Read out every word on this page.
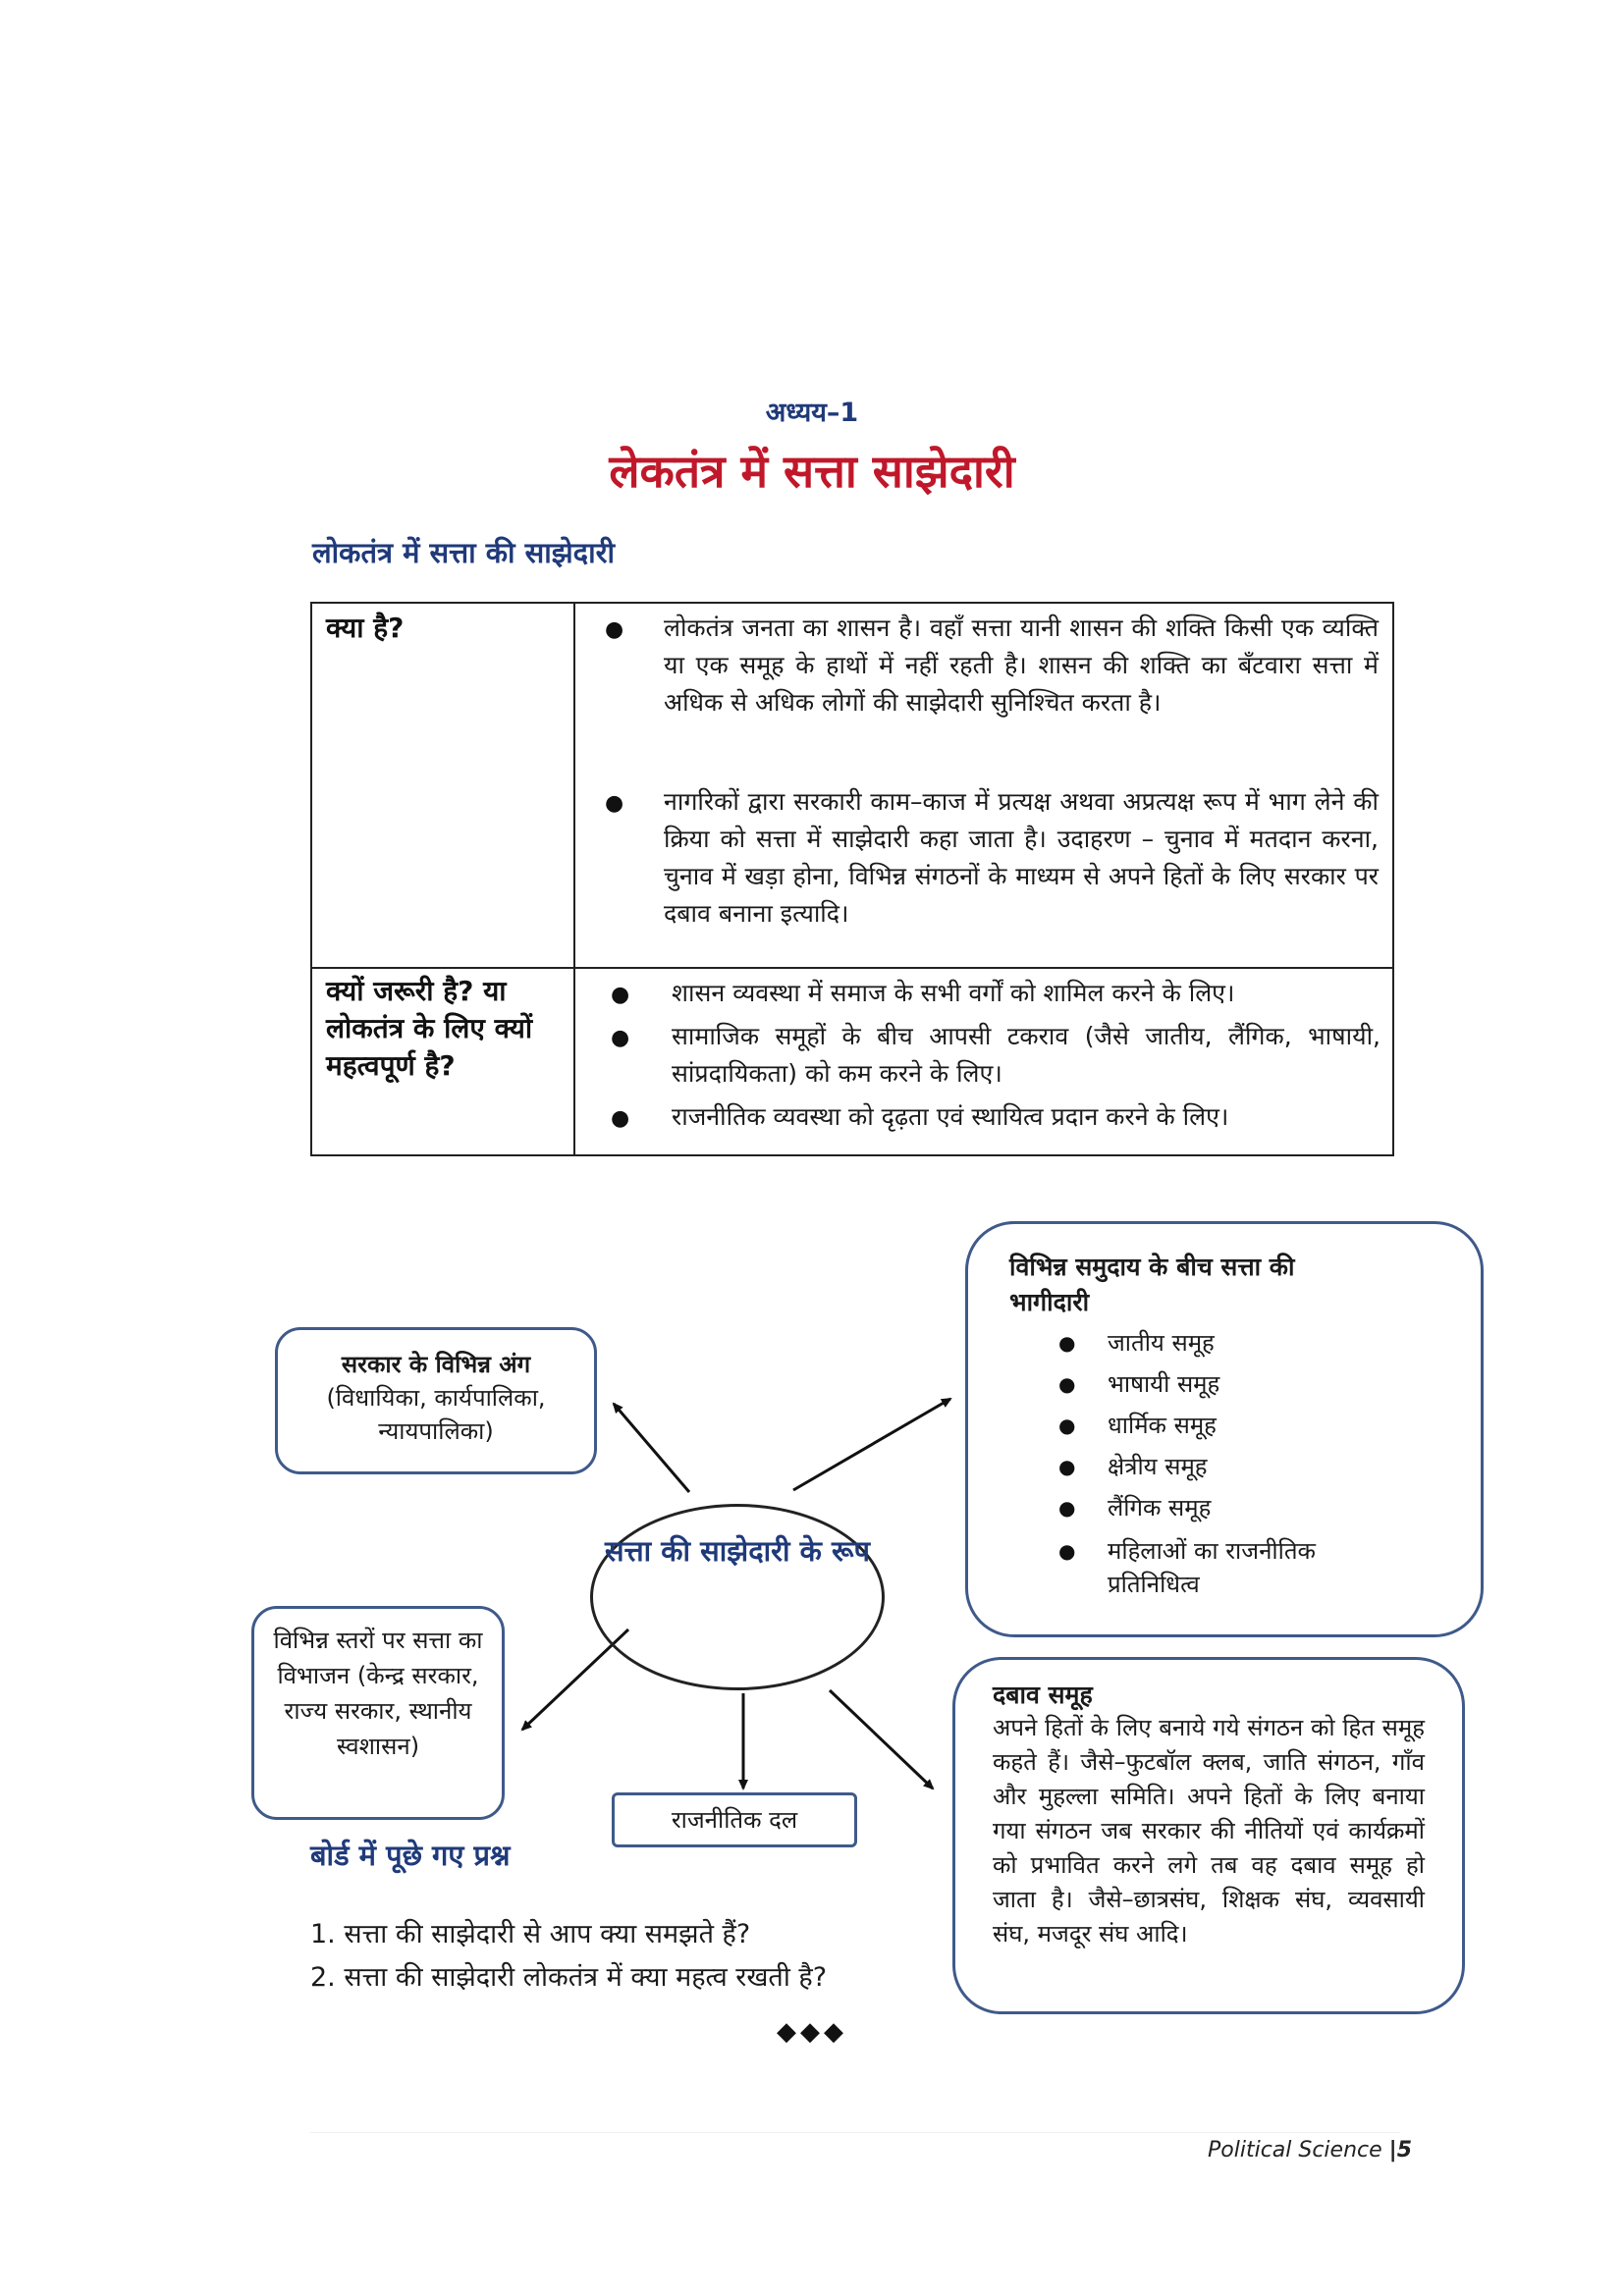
अध्यय–1
लेकतंत्र में सत्ता साझेदारी
लोकतंत्र में सत्ता की साझेदारी
क्या है?	● लोकतंत्र जनता का शासन है। वहाँ सत्ता यानी शासन की शक्ति किसी एक व्यक्ति या एक समूह के हाथों में नहीं रहती है। शासन की शक्ति का बँटवारा सत्ता में अधिक से अधिक लोगों की साझेदारी सुनिश्चित करता है।
● नागरिकों द्वारा सरकारी काम–काज में प्रत्यक्ष अथवा अप्रत्यक्ष रूप में भाग लेने की क्रिया को सत्ता में साझेदारी कहा जाता है। उदाहरण – चुनाव में मतदान करना, चुनाव में खड़ा होना, विभिन्न संगठनों के माध्यम से अपने हितों के लिए सरकार पर दबाव बनाना इत्यादि।
क्यों जरूरी है? या लोकतंत्र के लिए क्यों महत्वपूर्ण है?
● शासन व्यवस्था में समाज के सभी वर्गों को शामिल करने के लिए।
● सामाजिक समूहों के बीच आपसी टकराव (जैसे जातीय, लैंगिक, भाषायी, सांप्रदायिकता) को कम करने के लिए।
● राजनीतिक व्यवस्था को दृढ़ता एवं स्थायित्व प्रदान करने के लिए।
सत्ता की साझेदारी के रूप
सरकार के विभिन्न अंग
(विधायिका, कार्यपालिका, न्यायपालिका)
विभिन्न स्तरों पर सत्ता का विभाजन (केन्द्र सरकार, राज्य सरकार, स्थानीय स्वशासन)
राजनीतिक दल
विभिन्न समुदाय के बीच सत्ता की भागीदारी
● जातीय समूह
● भाषायी समूह
● धार्मिक समूह
● क्षेत्रीय समूह
● लैंगिक समूह
● महिलाओं का राजनीतिक प्रतिनिधित्व
दबाव समूह
अपने हितों के लिए बनाये गये संगठन को हित समूह कहते हैं। जैसे–फुटबॉल क्लब, जाति संगठन, गाँव और मुहल्ला समिति। अपने हितों के लिए बनाया गया संगठन जब सरकार की नीतियों एवं कार्यक्रमों को प्रभावित करने लगे तब वह दबाव समूह हो जाता है। जैसे–छात्रसंघ, शिक्षक संघ, व्यवसायी संघ, मजदूर संघ आदि।
बोर्ड में पूछे गए प्रश्न
1. सत्ता की साझेदारी से आप क्या समझते हैं?
2. सत्ता की साझेदारी लोकतंत्र में क्या महत्व रखती है?
◆◆◆
Political Science |5
